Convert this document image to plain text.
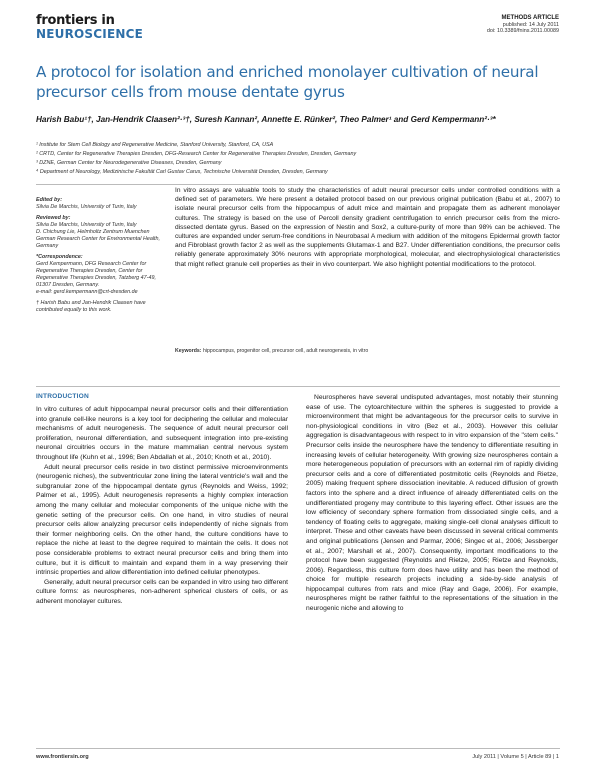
frontiers in
NEUROSCIENCE
METHODS ARTICLE
published: 14 July 2011
doi: 10.3389/fnins.2011.00089
A protocol for isolation and enriched monolayer cultivation of neural precursor cells from mouse dentate gyrus
Harish Babu¹†, Jan-Hendrik Claasen²·³†, Suresh Kannan², Annette E. Rünker², Theo Palmer¹ and Gerd Kempermann²·³*
¹ Institute for Stem Cell Biology and Regenerative Medicine, Stanford University, Stanford, CA, USA
² CRTD, Center for Regenerative Therapies Dresden, DFG-Research Center for Regenerative Therapies Dresden, Dresden, Germany
³ DZNE, German Center for Neurodegenerative Diseases, Dresden, Germany
⁴ Department of Neurology, Medizinische Fakultät Carl Gustav Carus, Technische Universität Dresden, Dresden, Germany
Edited by:
Silvia De Marchis, University of Turin, Italy
Reviewed by:
Silvia De Marchis, University of Turin, Italy
D. Chichung Lie, Helmholtz Zentrum Muenchen German Research Center for Environmental Health, Germany
*Correspondence:
Gerd Kempermann, DFG Research Center for Regenerative Therapies Dresden, Center for Regenerative Therapies Dresden, Tatzberg 47-49, 01307 Dresden, Germany.
e-mail: gerd.kempermann@crt-dresden.de
† Harish Babu and Jan-Hendrik Claasen have contributed equally to this work.
In vitro assays are valuable tools to study the characteristics of adult neural precursor cells under controlled conditions with a defined set of parameters. We here present a detailed protocol based on our previous original publication (Babu et al., 2007) to isolate neural precursor cells from the hippocampus of adult mice and maintain and propagate them as adherent monolayer cultures. The strategy is based on the use of Percoll density gradient centrifugation to enrich precursor cells from the micro-dissected dentate gyrus. Based on the expression of Nestin and Sox2, a culture-purity of more than 98% can be achieved. The cultures are expanded under serum-free conditions in Neurobasal A medium with addition of the mitogens Epidermal growth factor and Fibroblast growth factor 2 as well as the supplements Glutamax-1 and B27. Under differentiation conditions, the precursor cells reliably generate approximately 30% neurons with appropriate morphological, molecular, and electrophysiological characteristics that might reflect granule cell properties as their in vivo counterpart. We also highlight potential modifications to the protocol.
Keywords: hippocampus, progenitor cell, precursor cell, adult neurogenesis, in vitro
INTRODUCTION

In vitro cultures of adult hippocampal neural precursor cells and their differentiation into granule cell-like neurons is a key tool for deciphering the cellular and molecular mechanisms of adult neurogenesis. The sequence of adult neural precursor cell proliferation, neuronal differentiation, and subsequent integration into pre-existing neuronal circuitries occurs in the mature mammalian central nervous system throughout life (Kuhn et al., 1996; Ben Abdallah et al., 2010; Knoth et al., 2010).

Adult neural precursor cells reside in two distinct permissive microenvironments (neurogenic niches), the subventricular zone lining the lateral ventricle's wall and the subgranular zone of the hippocampal dentate gyrus (Reynolds and Weiss, 1992; Palmer et al., 1995). Adult neurogenesis represents a highly complex interaction among the many cellular and molecular components of the unique niche with the genetic setting of the precursor cells. On one hand, in vitro studies of neural precursor cells allow analyzing precursor cells independently of niche signals from their former neighboring cells. On the other hand, the culture conditions have to replace the niche at least to the degree required to maintain the cells. It does not pose considerable problems to extract neural precursor cells and bring them into culture, but it is difficult to maintain and expand them in a way preserving their intrinsic properties and allow differentiation into defined cellular phenotypes.

Generally, adult neural precursor cells can be expanded in vitro using two different culture forms: as neurospheres, non-adherent spherical clusters of cells, or as adherent monolayer cultures.

Neurospheres have several undisputed advantages, most notably their stunning ease of use. The cytoarchitecture within the spheres is suggested to provide a microenvironment that might be advantageous for the precursor cells to survive in non-physiological conditions in vitro (Bez et al., 2003). However this cellular aggregation is disadvantageous with respect to in vitro expansion of the "stem cells." Precursor cells inside the neurosphere have the tendency to differentiate resulting in increasing levels of cellular heterogeneity. With growing size neurospheres contain a more heterogeneous population of precursors with an external rim of rapidly dividing precursor cells and a core of differentiated postmitotic cells (Reynolds and Rietze, 2005) making frequent sphere dissociation inevitable. A reduced diffusion of growth factors into the sphere and a direct influence of already differentiated cells on the undifferentiated progeny may contribute to this layering effect. Other issues are the low efficiency of secondary sphere formation from dissociated single cells, and a tendency of floating cells to aggregate, making single-cell clonal analyses difficult to interpret. These and other caveats have been discussed in several critical comments and original publications (Jensen and Parmar, 2006; Singec et al., 2006; Jessberger et al., 2007; Marshall et al., 2007). Consequently, important modifications to the protocol have been suggested (Reynolds and Rietze, 2005; Rietze and Reynolds, 2006). Regardless, this culture form does have utility and has been the method of choice for multiple research projects including a side-by-side analysis of hippocampal cultures from rats and mice (Ray and Gage, 2006). For example, neurospheres might be rather faithful to the representations of the situation in the neurogenic niche and allowing to

www.frontiersin.org	July 2011 | Volume 5 | Article 89 | 1
